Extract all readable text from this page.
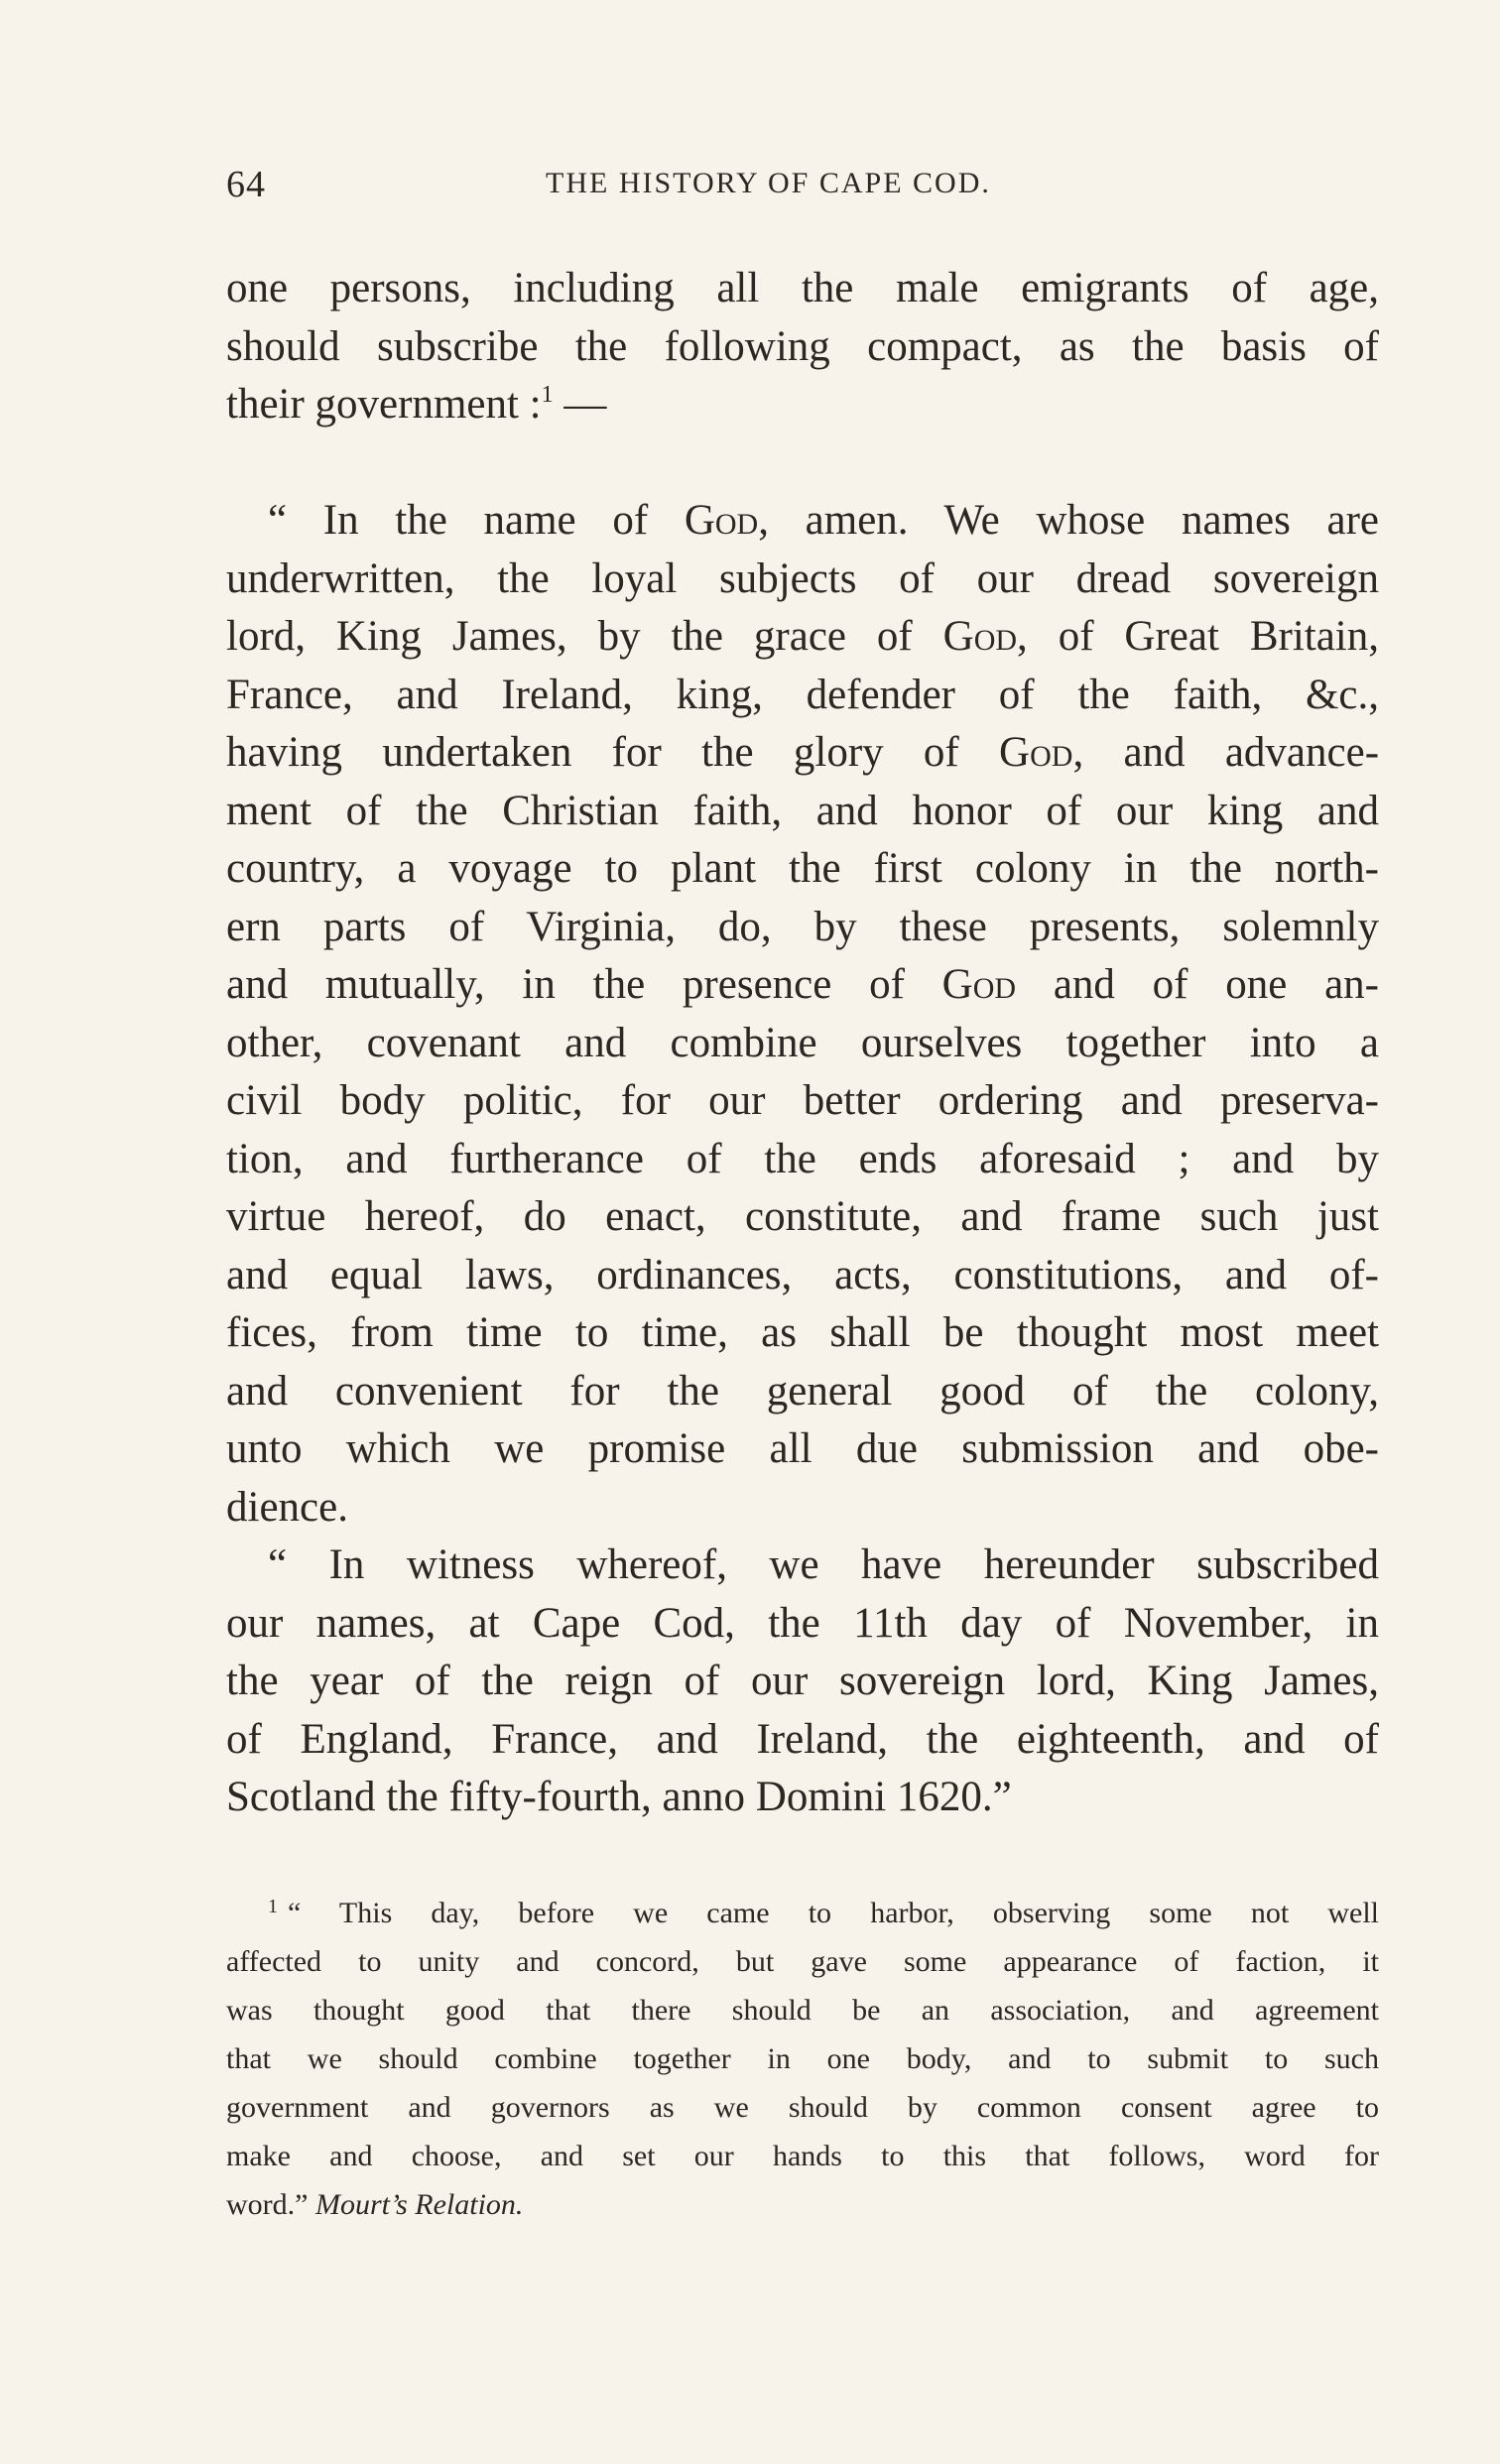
64	THE HISTORY OF CAPE COD.
one persons, including all the male emigrants of age,
should subscribe the following compact, as the basis of
their government :$^1$ —
“ In the name of God, amen. We whose names are
underwritten, the loyal subjects of our dread sovereign
lord, King James, by the grace of God, of Great Britain,
France, and Ireland, king, defender of the faith, &c.,
having undertaken for the glory of God, and advance-
ment of the Christian faith, and honor of our king and
country, a voyage to plant the first colony in the north-
ern parts of Virginia, do, by these presents, solemnly
and mutually, in the presence of God and of one an-
other, covenant and combine ourselves together into a
civil body politic, for our better ordering and preserva-
tion, and furtherance of the ends aforesaid ; and by
virtue hereof, do enact, constitute, and frame such just
and equal laws, ordinances, acts, constitutions, and of-
fices, from time to time, as shall be thought most meet
and convenient for the general good of the colony,
unto which we promise all due submission and obe-
dience.
“ In witness whereof, we have hereunder subscribed
our names, at Cape Cod, the 11th day of November, in
the year of the reign of our sovereign lord, King James,
of England, France, and Ireland, the eighteenth, and of
Scotland the fifty-fourth, anno Domini 1620.”
$^1$ “ This day, before we came to harbor, observing some not well
affected to unity and concord, but gave some appearance of faction, it
was thought good that there should be an association, and agreement
that we should combine together in one body, and to submit to such
government and governors as we should by common consent agree to
make and choose, and set our hands to this that follows, word for
word.” Mourt’s Relation.
